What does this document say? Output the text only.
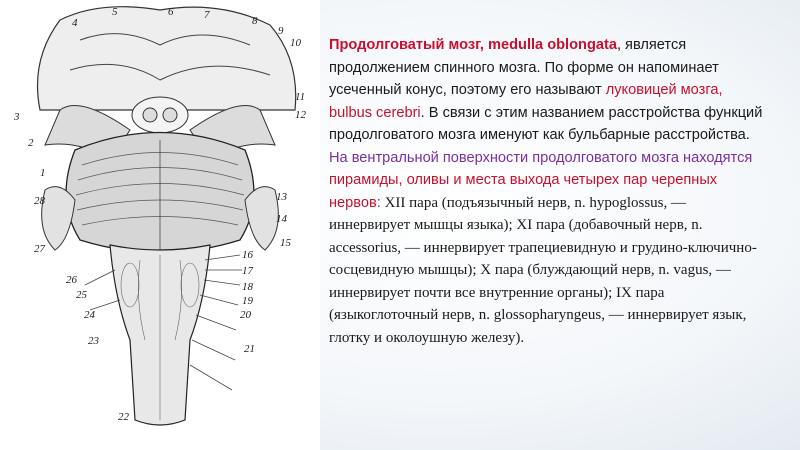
5	6	7	8
9
10
4
11
12
3
2
1
28	13
14
15
27	16
17
18
19
26
25
24	20
23
21
22
Продолговатый мозг, medulla oblongata, является продолжением спинного мозга. По форме он напоминает усеченный конус, поэтому его называют луковицей мозга, bulbus cerebri. В связи с этим названием расстройства функций продолговатого мозга именуют как бульбарные расстройства. На вентральной поверхности продолговатого мозга находятся пирамиды, оливы и места выхода четырех пар черепных нервов: XII пара (подъязычный нерв, n. hypoglossus, — иннервирует мышцы языка); XI пара (добавочный нерв, n. accessorius, — иннервирует трапециевидную и грудино-ключично-сосцевидную мышцы); X пара (блуждающий нерв, n. vagus, — иннервирует почти все внутренние органы); IX пара (языкоглоточный нерв, n. glossopharyngeus, — иннервирует язык, глотку и околоушную железу).
